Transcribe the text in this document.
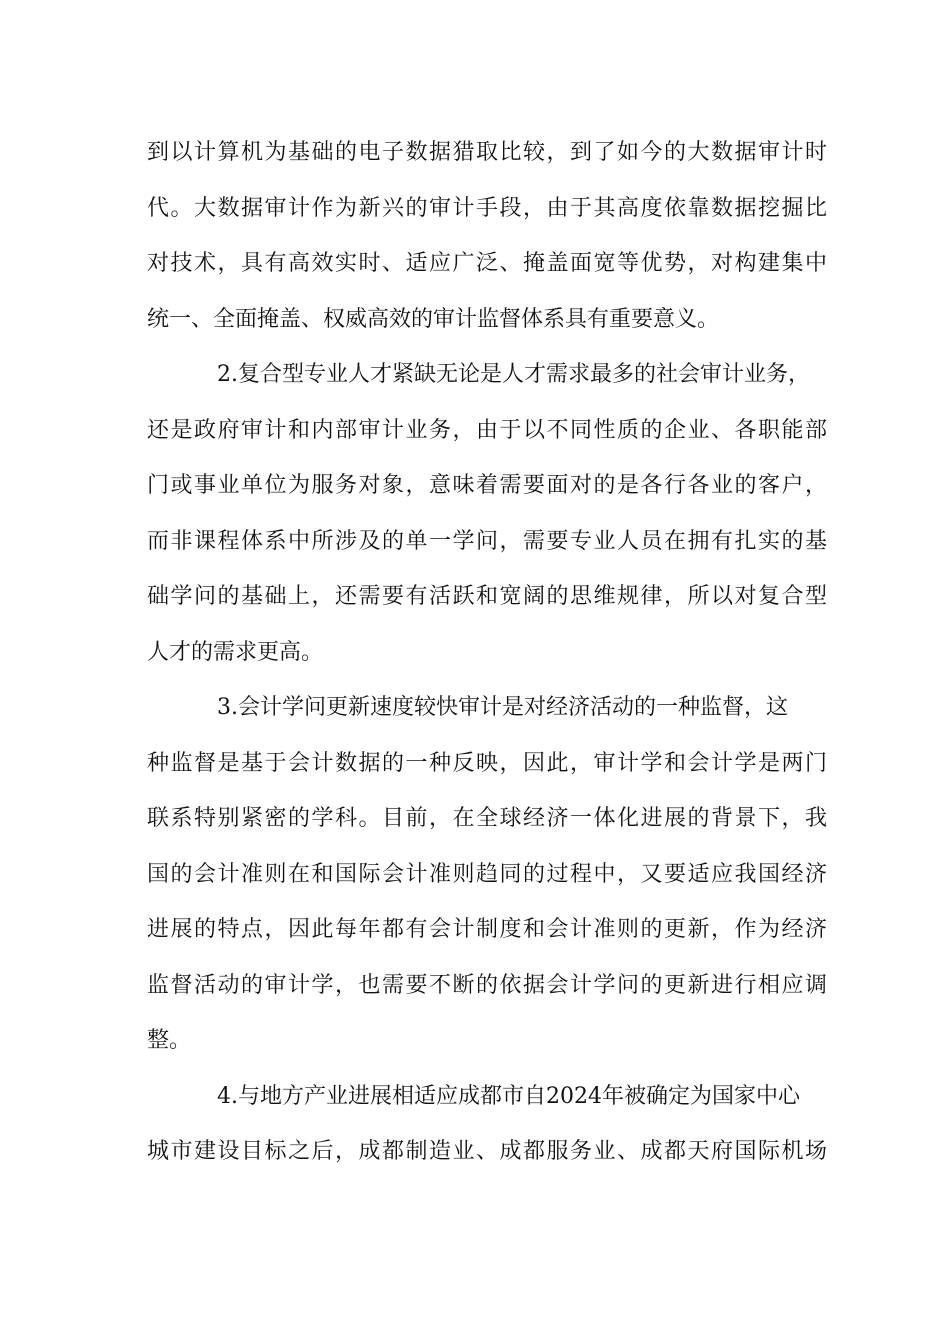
到以计算机为基础的电子数据猎取比较，到了如今的大数据审计时
代。大数据审计作为新兴的审计手段，由于其高度依靠数据挖掘比
对技术，具有高效实时、适应广泛、掩盖面宽等优势，对构建集中
统一、全面掩盖、权威高效的审计监督体系具有重要意义。
2.复合型专业人才紧缺无论是人才需求最多的社会审计业务，
还是政府审计和内部审计业务，由于以不同性质的企业、各职能部
门或事业单位为服务对象，意味着需要面对的是各行各业的客户，
而非课程体系中所涉及的单一学问，需要专业人员在拥有扎实的基
础学问的基础上，还需要有活跃和宽阔的思维规律，所以对复合型
人才的需求更高。
3.会计学问更新速度较快审计是对经济活动的一种监督，这
种监督是基于会计数据的一种反映，因此，审计学和会计学是两门
联系特别紧密的学科。目前，在全球经济一体化进展的背景下，我
国的会计准则在和国际会计准则趋同的过程中，又要适应我国经济
进展的特点，因此每年都有会计制度和会计准则的更新，作为经济
监督活动的审计学，也需要不断的依据会计学问的更新进行相应调
整。
4.与地方产业进展相适应成都市自2024年被确定为国家中心
城市建设目标之后，成都制造业、成都服务业、成都天府国际机场
